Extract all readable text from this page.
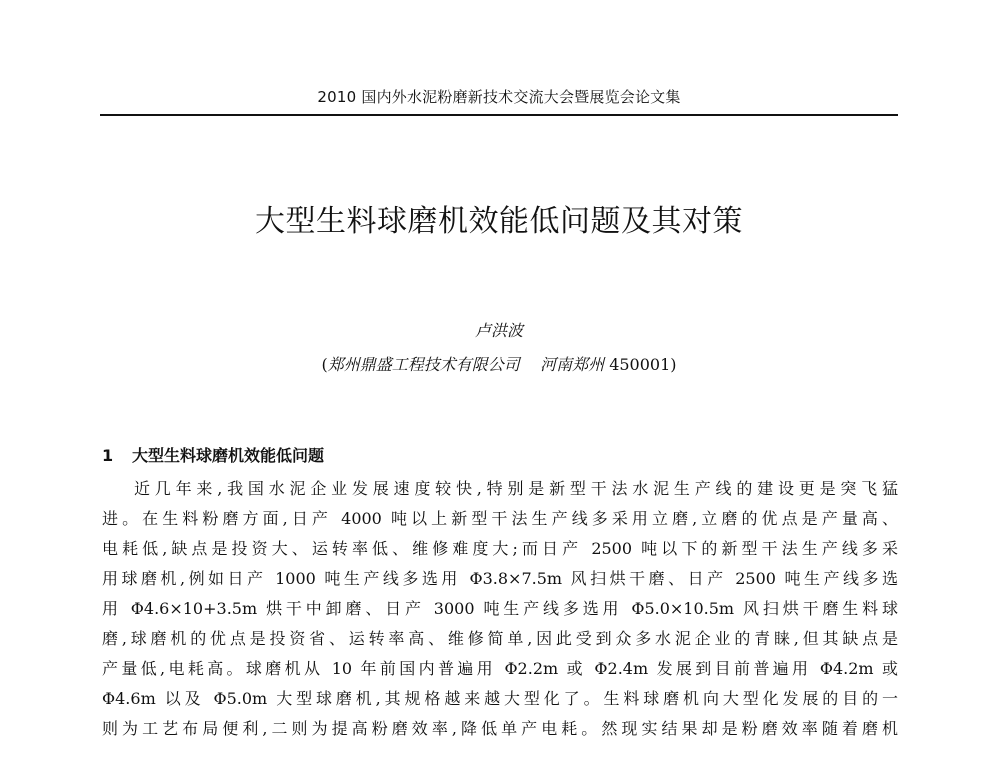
2010 国内外水泥粉磨新技术交流大会暨展览会论文集
大型生料球磨机效能低问题及其对策
卢洪波
(郑州鼎盛工程技术有限公司 河南郑州 450001)
1 大型生料球磨机效能低问题
近几年来,我国水泥企业发展速度较快,特别是新型干法水泥生产线的建设更是突飞猛
进。在生料粉磨方面,日产 4000 吨以上新型干法生产线多采用立磨,立磨的优点是产量高、
电耗低,缺点是投资大、运转率低、维修难度大;而日产 2500 吨以下的新型干法生产线多采
用球磨机,例如日产 1000 吨生产线多选用 Φ3.8×7.5m 风扫烘干磨、日产 2500 吨生产线多选
用 Φ4.6×10+3.5m 烘干中卸磨、日产 3000 吨生产线多选用 Φ5.0×10.5m 风扫烘干磨生料球
磨,球磨机的优点是投资省、运转率高、维修简单,因此受到众多水泥企业的青睐,但其缺点是
产量低,电耗高。球磨机从 10 年前国内普遍用 Φ2.2m 或 Φ2.4m 发展到目前普遍用 Φ4.2m 或
Φ4.6m 以及 Φ5.0m 大型球磨机,其规格越来越大型化了。生料球磨机向大型化发展的目的一
则为工艺布局便利,二则为提高粉磨效率,降低单产电耗。然现实结果却是粉磨效率随着磨机
